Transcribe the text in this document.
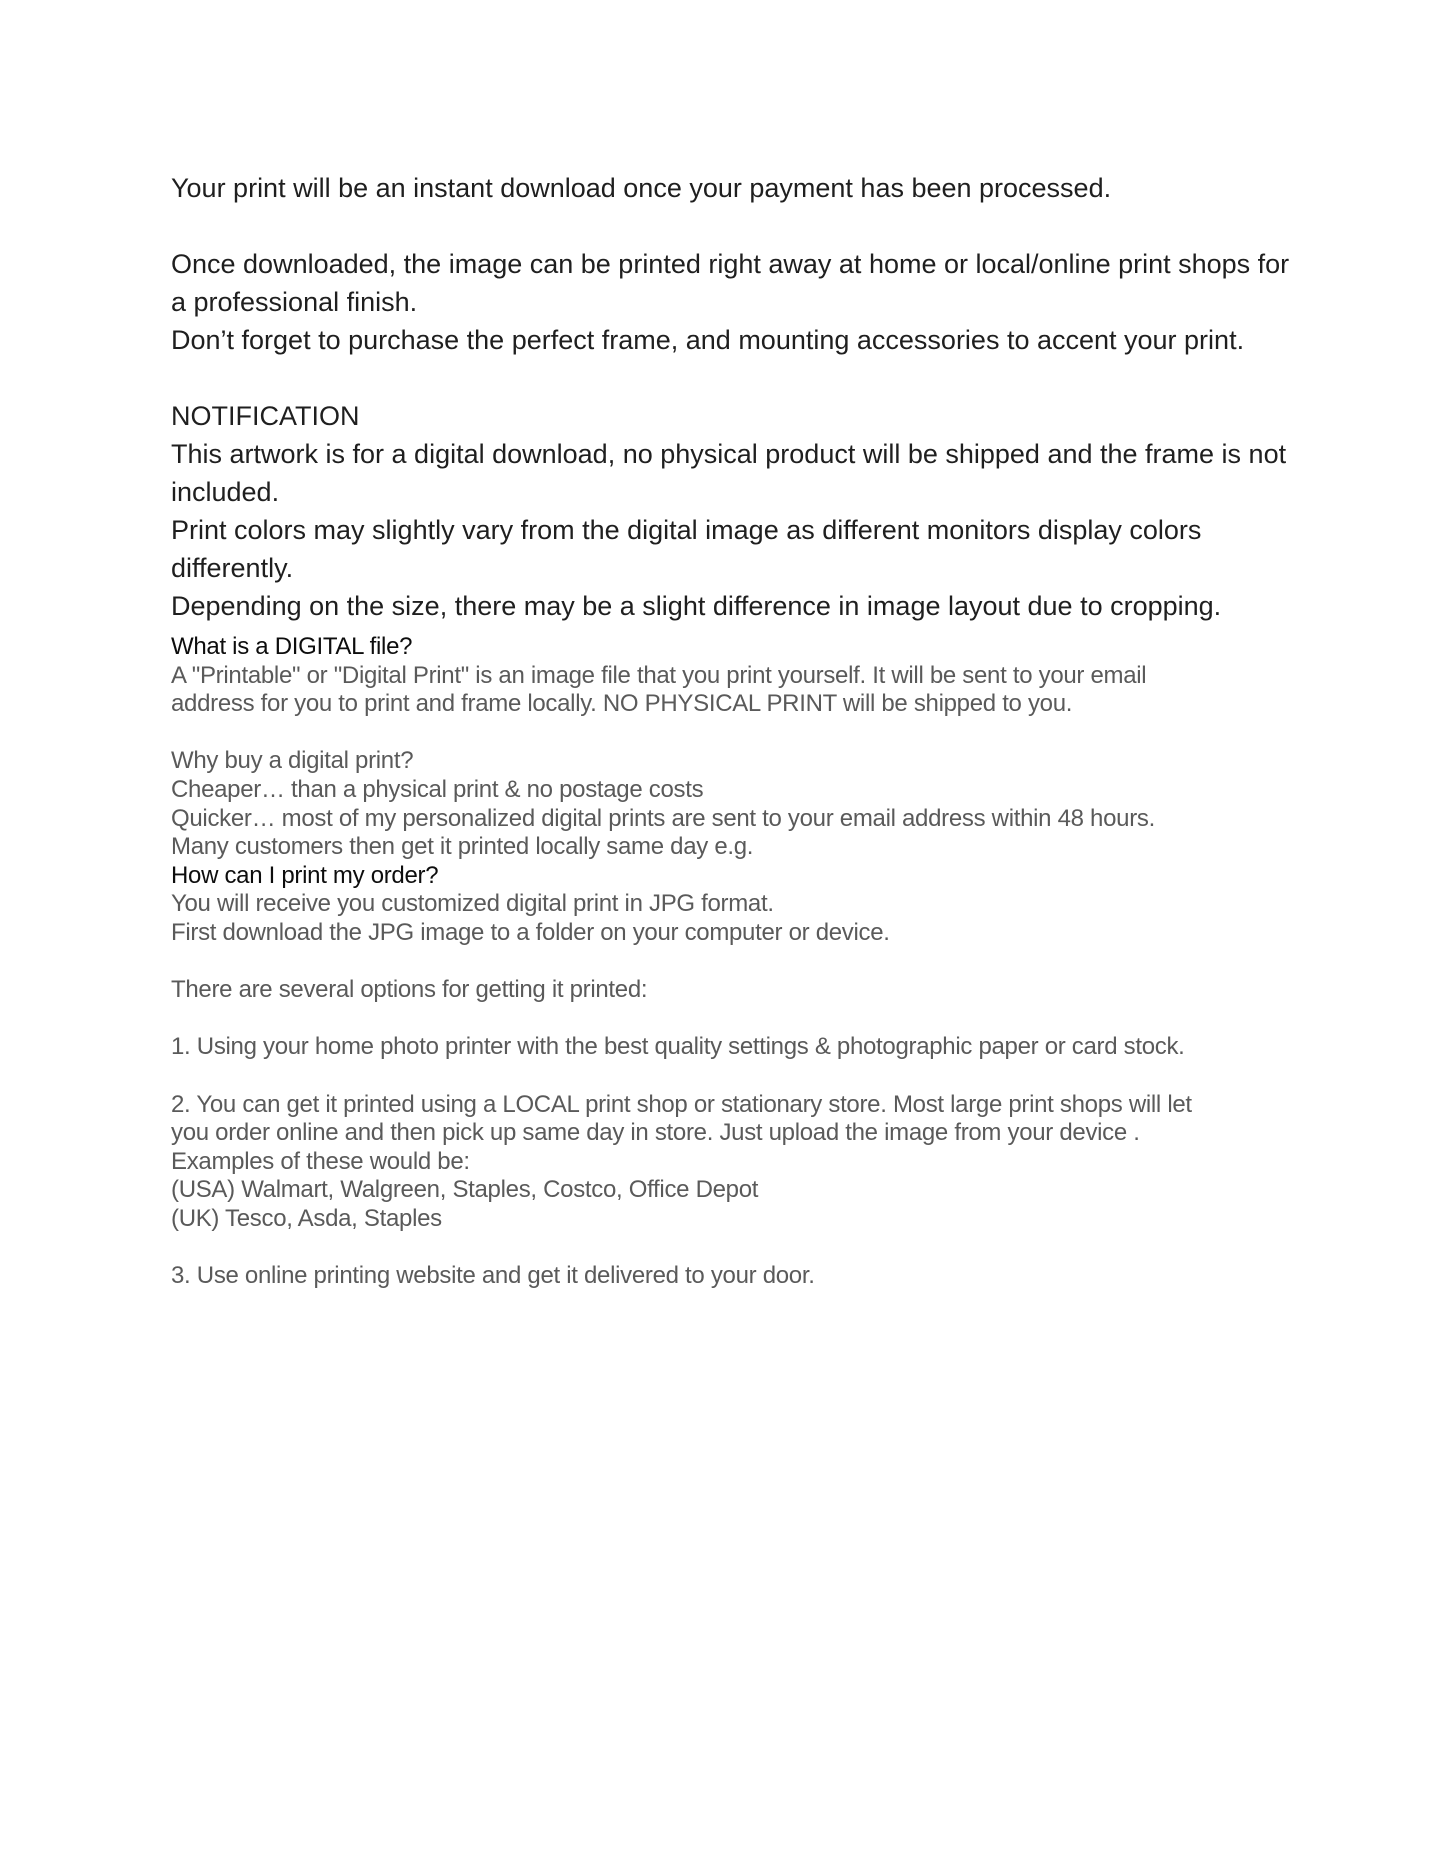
Your print will be an instant download once your payment has been processed.

Once downloaded, the image can be printed right away at home or local/online print shops for a professional finish.

Don’t forget to purchase the perfect frame, and mounting accessories to accent your print.

NOTIFICATION

This artwork is for a digital download, no physical product will be shipped and the frame is not included.

Print colors may slightly vary from the digital image as different monitors display colors differently.

Depending on the size, there may be a slight difference in image layout due to cropping.

What is a DIGITAL file?

A "Printable" or "Digital Print" is an image file that you print yourself. It will be sent to your email

address for you to print and frame locally. NO PHYSICAL PRINT will be shipped to you.

Why buy a digital print?

Cheaper… than a physical print & no postage costs

Quicker… most of my personalized digital prints are sent to your email address within 48 hours.

Many customers then get it printed locally same day e.g.

How can I print my order?

You will receive you customized digital print in JPG format.

First download the JPG image to a folder on your computer or device.

There are several options for getting it printed:

1. Using your home photo printer with the best quality settings & photographic paper or card stock.

2. You can get it printed using a LOCAL print shop or stationary store. Most large print shops will let

you order online and then pick up same day in store. Just upload the image from your device .

Examples of these would be:

(USA) Walmart, Walgreen, Staples, Costco, Office Depot

(UK) Tesco, Asda, Staples

3. Use online printing website and get it delivered to your door.
